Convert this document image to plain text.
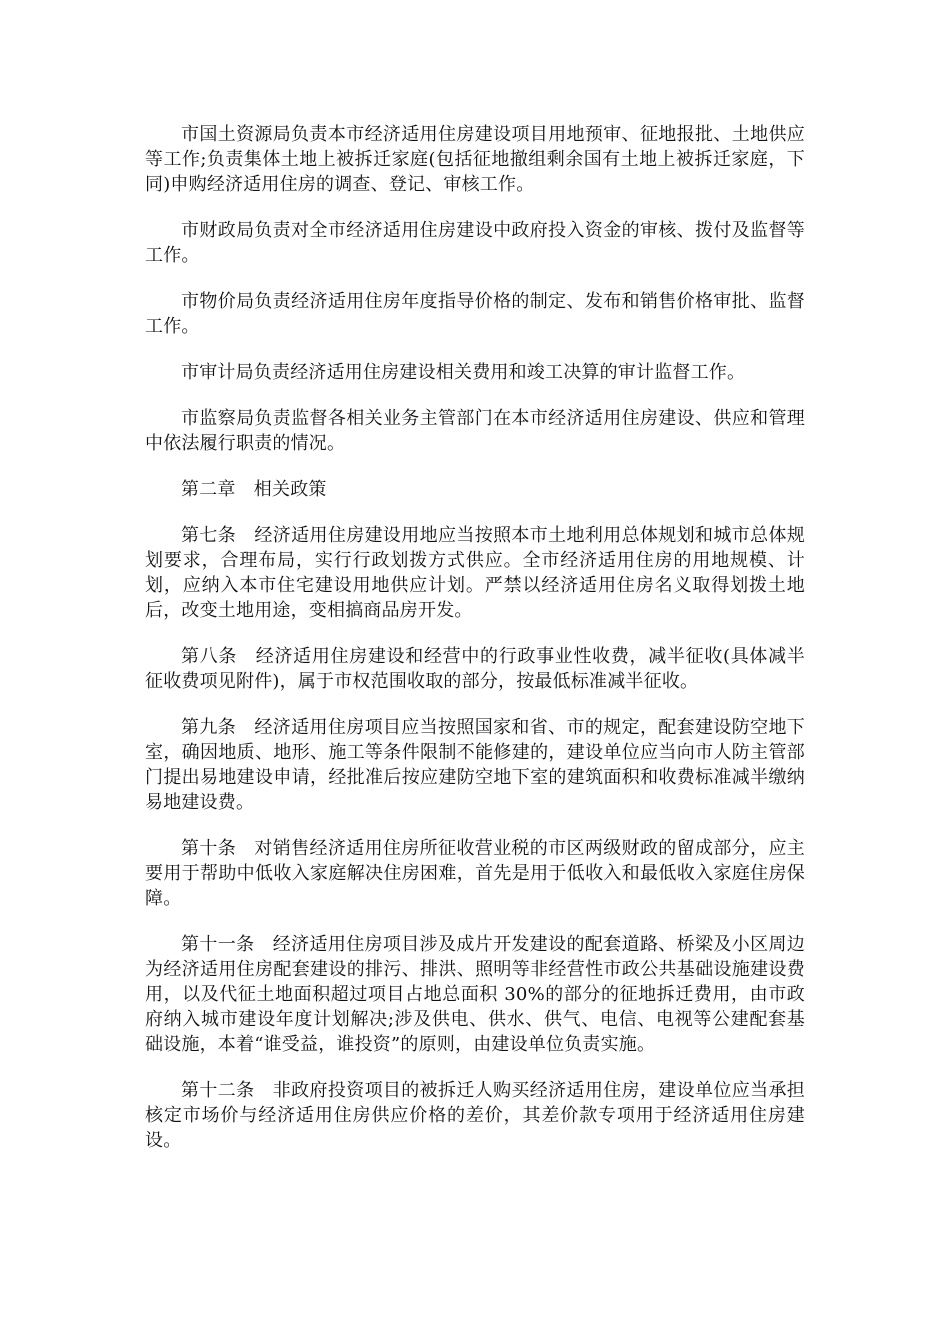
市国土资源局负责本市经济适用住房建设项目用地预审、征地报批、土地供应等工作;负责集体土地上被拆迁家庭(包括征地撤组剩余国有土地上被拆迁家庭，下同)申购经济适用住房的调查、登记、审核工作。

市财政局负责对全市经济适用住房建设中政府投入资金的审核、拨付及监督等工作。

市物价局负责经济适用住房年度指导价格的制定、发布和销售价格审批、监督工作。

市审计局负责经济适用住房建设相关费用和竣工决算的审计监督工作。

市监察局负责监督各相关业务主管部门在本市经济适用住房建设、供应和管理中依法履行职责的情况。

第二章　相关政策

第七条　经济适用住房建设用地应当按照本市土地利用总体规划和城市总体规划要求，合理布局，实行行政划拨方式供应。全市经济适用住房的用地规模、计划，应纳入本市住宅建设用地供应计划。严禁以经济适用住房名义取得划拨土地后，改变土地用途，变相搞商品房开发。

第八条　经济适用住房建设和经营中的行政事业性收费，减半征收(具体减半征收费项见附件)，属于市权范围收取的部分，按最低标准减半征收。

第九条　经济适用住房项目应当按照国家和省、市的规定，配套建设防空地下室，确因地质、地形、施工等条件限制不能修建的，建设单位应当向市人防主管部门提出易地建设申请，经批准后按应建防空地下室的建筑面积和收费标准减半缴纳易地建设费。

第十条　对销售经济适用住房所征收营业税的市区两级财政的留成部分，应主要用于帮助中低收入家庭解决住房困难，首先是用于低收入和最低收入家庭住房保障。

第十一条　经济适用住房项目涉及成片开发建设的配套道路、桥梁及小区周边为经济适用住房配套建设的排污、排洪、照明等非经营性市政公共基础设施建设费用，以及代征土地面积超过项目占地总面积 30%的部分的征地拆迁费用，由市政府纳入城市建设年度计划解决;涉及供电、供水、供气、电信、电视等公建配套基础设施，本着“谁受益，谁投资”的原则，由建设单位负责实施。

第十二条　非政府投资项目的被拆迁人购买经济适用住房，建设单位应当承担核定市场价与经济适用住房供应价格的差价，其差价款专项用于经济适用住房建设。
